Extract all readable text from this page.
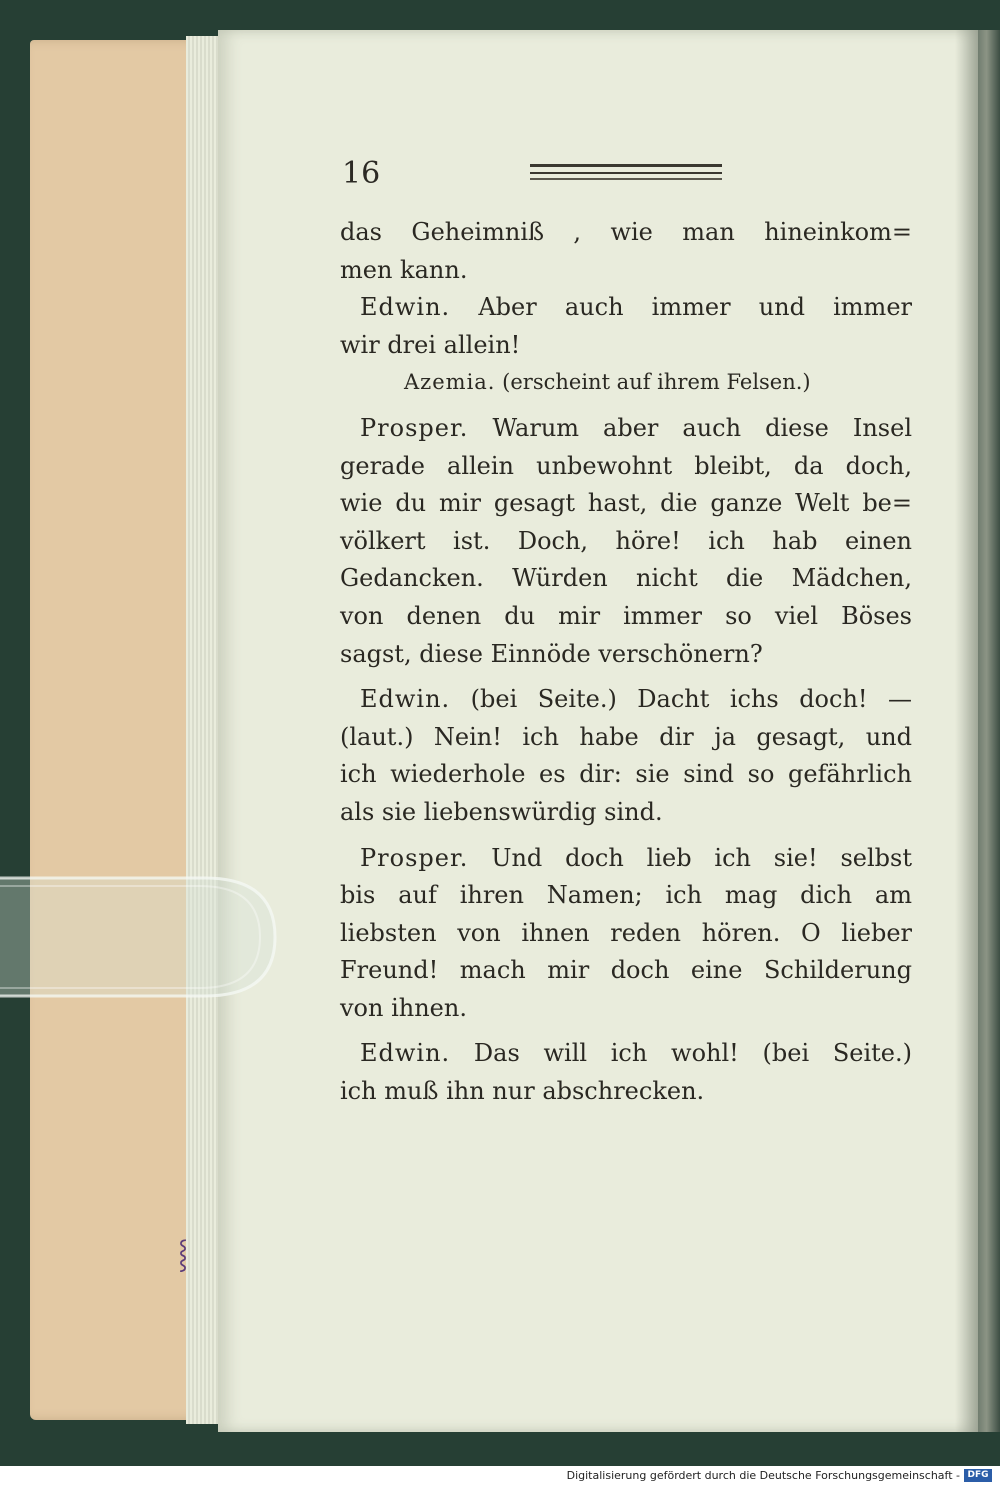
⸾
16
das Geheimniß , wie man hineinkom=
men kann.
Edwin. Aber auch immer und immer
wir drei allein!
Azemia. (erscheint auf ihrem Felsen.)
Prosper. Warum aber auch diese Insel
gerade allein unbewohnt bleibt, da doch,
wie du mir gesagt hast, die ganze Welt be=
völkert ist. Doch, höre! ich hab einen
Gedancken. Würden nicht die Mädchen,
von denen du mir immer so viel Böses
sagst, diese Einnöde verschönern?
Edwin. (bei Seite.) Dacht ichs doch! —
(laut.) Nein! ich habe dir ja gesagt, und
ich wiederhole es dir: sie sind so gefährlich
als sie liebenswürdig sind.
Prosper. Und doch lieb ich sie! selbst
bis auf ihren Namen; ich mag dich am
liebsten von ihnen reden hören. O lieber
Freund! mach mir doch eine Schilderung
von ihnen.
Edwin. Das will ich wohl! (bei Seite.)
ich muß ihn nur abschrecken.
Digitalisierung gefördert durch die Deutsche Forschungsgemeinschaft - DFG
